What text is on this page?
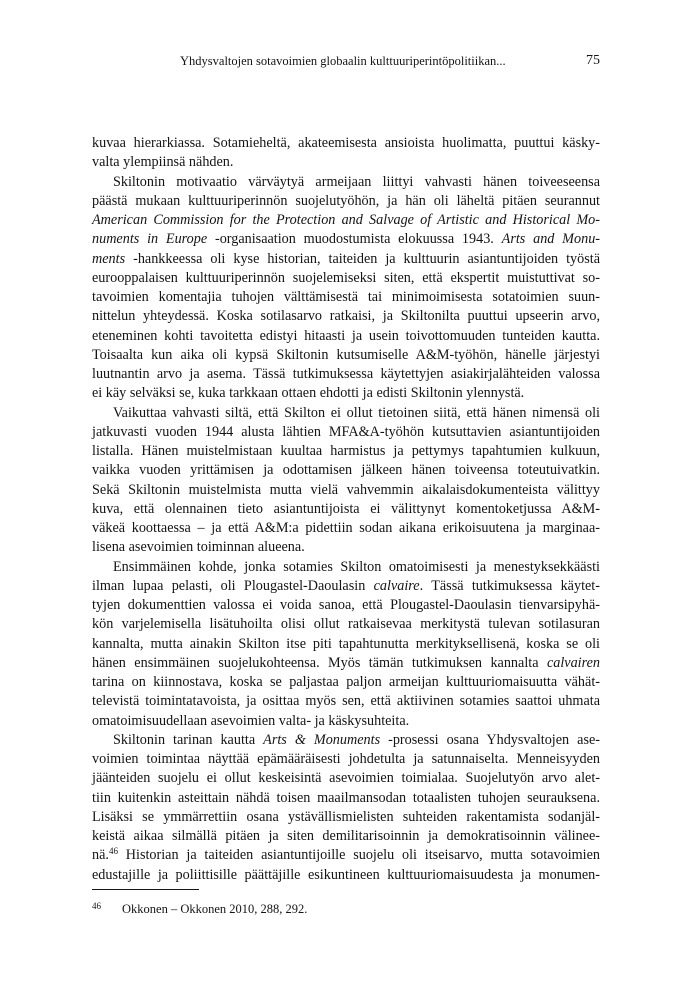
Yhdysvaltojen sotavoimien globaalin kulttuuriperintöpolitiikan...	75
kuvaa hierarkiassa. Sotamieheltä, akateemisesta ansioista huolimatta, puuttui käsky-
valta ylempiinsä nähden.
Skiltonin motivaatio värväytyä armeijaan liittyi vahvasti hänen toiveeseensa
päästä mukaan kulttuuriperinnön suojelutyöhön, ja hän oli läheltä pitäen seurannut
American Commission for the Protection and Salvage of Artistic and Historical Mo-
numents in Europe -organisaation muodostumista elokuussa 1943. Arts and Monu-
ments -hankkeessa oli kyse historian, taiteiden ja kulttuurin asiantuntijoiden työstä
eurooppalaisen kulttuuriperinnön suojelemiseksi siten, että ekspertit muistuttivat so-
tavoimien komentajia tuhojen välttämisestä tai minimoimisesta sotatoimien suun-
nittelun yhteydessä. Koska sotilasarvo ratkaisi, ja Skiltonilta puuttui upseerin arvo,
eteneminen kohti tavoitetta edistyi hitaasti ja usein toivottomuuden tunteiden kautta.
Toisaalta kun aika oli kypsä Skiltonin kutsumiselle A&M-työhön, hänelle järjestyi
luutnantin arvo ja asema. Tässä tutkimuksessa käytettyjen asiakirjalähteiden valossa
ei käy selväksi se, kuka tarkkaan ottaen ehdotti ja edisti Skiltonin ylennystä.
Vaikuttaa vahvasti siltä, että Skilton ei ollut tietoinen siitä, että hänen nimensä oli
jatkuvasti vuoden 1944 alusta lähtien MFA&A-työhön kutsuttavien asiantuntijoiden
listalla. Hänen muistelmistaan kuultaa harmistus ja pettymys tapahtumien kulkuun,
vaikka vuoden yrittämisen ja odottamisen jälkeen hänen toiveensa toteutuivatkin.
Sekä Skiltonin muistelmista mutta vielä vahvemmin aikalaisdokumenteista välittyy
kuva, että olennainen tieto asiantuntijoista ei välittynyt komentoketjussa A&M-
väkeä koottaessa – ja että A&M:a pidettiin sodan aikana erikoisuutena ja marginaa-
lisena asevoimien toiminnan alueena.
Ensimmäinen kohde, jonka sotamies Skilton omatoimisesti ja menestyksekkäästi
ilman lupaa pelasti, oli Plougastel-Daoulasin calvaire. Tässä tutkimuksessa käytet-
tyjen dokumenttien valossa ei voida sanoa, että Plougastel-Daoulasin tienvarsipyhä-
kön varjelemisella lisätuhoilta olisi ollut ratkaisevaa merkitystä tulevan sotilasuran
kannalta, mutta ainakin Skilton itse piti tapahtunutta merkityksellisenä, koska se oli
hänen ensimmäinen suojelukohteensa. Myös tämän tutkimuksen kannalta calvairen
tarina on kiinnostava, koska se paljastaa paljon armeijan kulttuuriomaisuutta vähät-
televistä toimintatavoista, ja osittaa myös sen, että aktiivinen sotamies saattoi uhmata
omatoimisuudellaan asevoimien valta- ja käskysuhteita.
Skiltonin tarinan kautta Arts & Monuments -prosessi osana Yhdysvaltojen ase-
voimien toimintaa näyttää epämääräisesti johdetulta ja satunnaiselta. Menneisyyden
jäänteiden suojelu ei ollut keskeisintä asevoimien toimialaa. Suojelutyön arvo alet-
tiin kuitenkin asteittain nähdä toisen maailmansodan totaalisten tuhojen seurauksena.
Lisäksi se ymmärrettiin osana ystävällismielisten suhteiden rakentamista sodanjäl-
keistä aikaa silmällä pitäen ja siten demilitarisoinnin ja demokratisoinnin välinee-
nä.$^{46}$ Historian ja taiteiden asiantuntijoille suojelu oli itseisarvo, mutta sotavoimien
edustajille ja poliittisille päättäjille esikuntineen kulttuuriomaisuudesta ja monumen-
46 Okkonen – Okkonen 2010, 288, 292.
